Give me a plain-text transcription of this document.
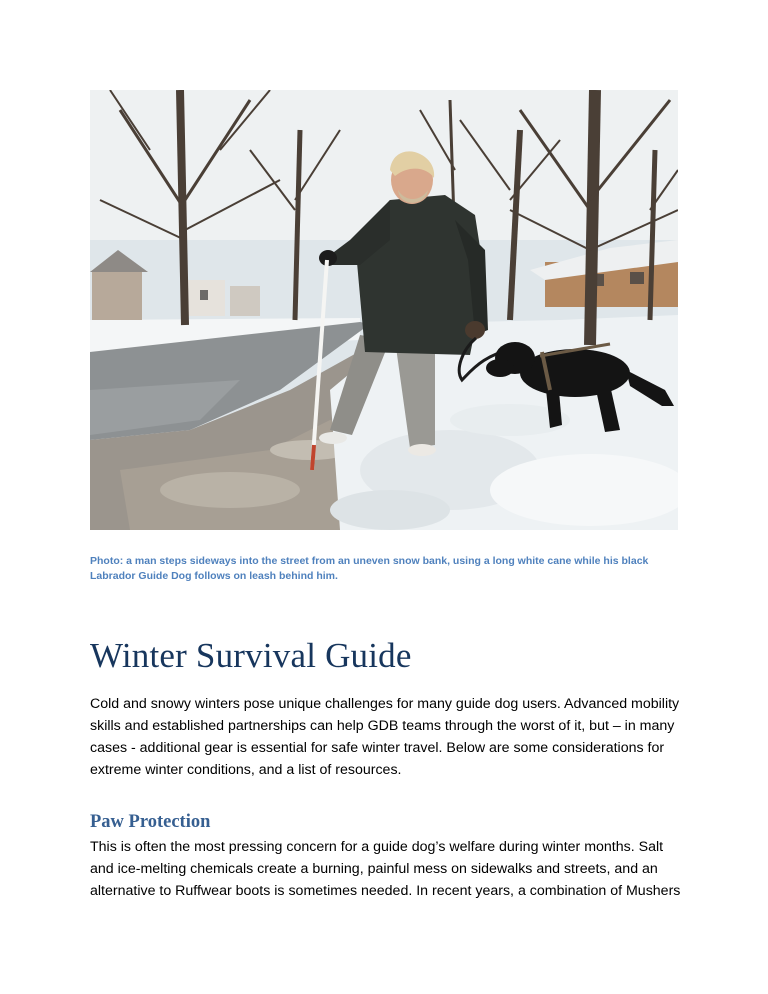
Photo: a man steps sideways into the street from an uneven snow bank, using a long white cane while his black Labrador Guide Dog follows on leash behind him.
Winter Survival Guide

Cold and snowy winters pose unique challenges for many guide dog users. Advanced mobility skills and established partnerships can help GDB teams through the worst of it, but – in many cases - additional gear is essential for safe winter travel. Below are some considerations for extreme winter conditions, and a list of resources.

Paw Protection

This is often the most pressing concern for a guide dog’s welfare during winter months. Salt and ice-melting chemicals create a burning, painful mess on sidewalks and streets, and an alternative to Ruffwear boots is sometimes needed. In recent years, a combination of Mushers
